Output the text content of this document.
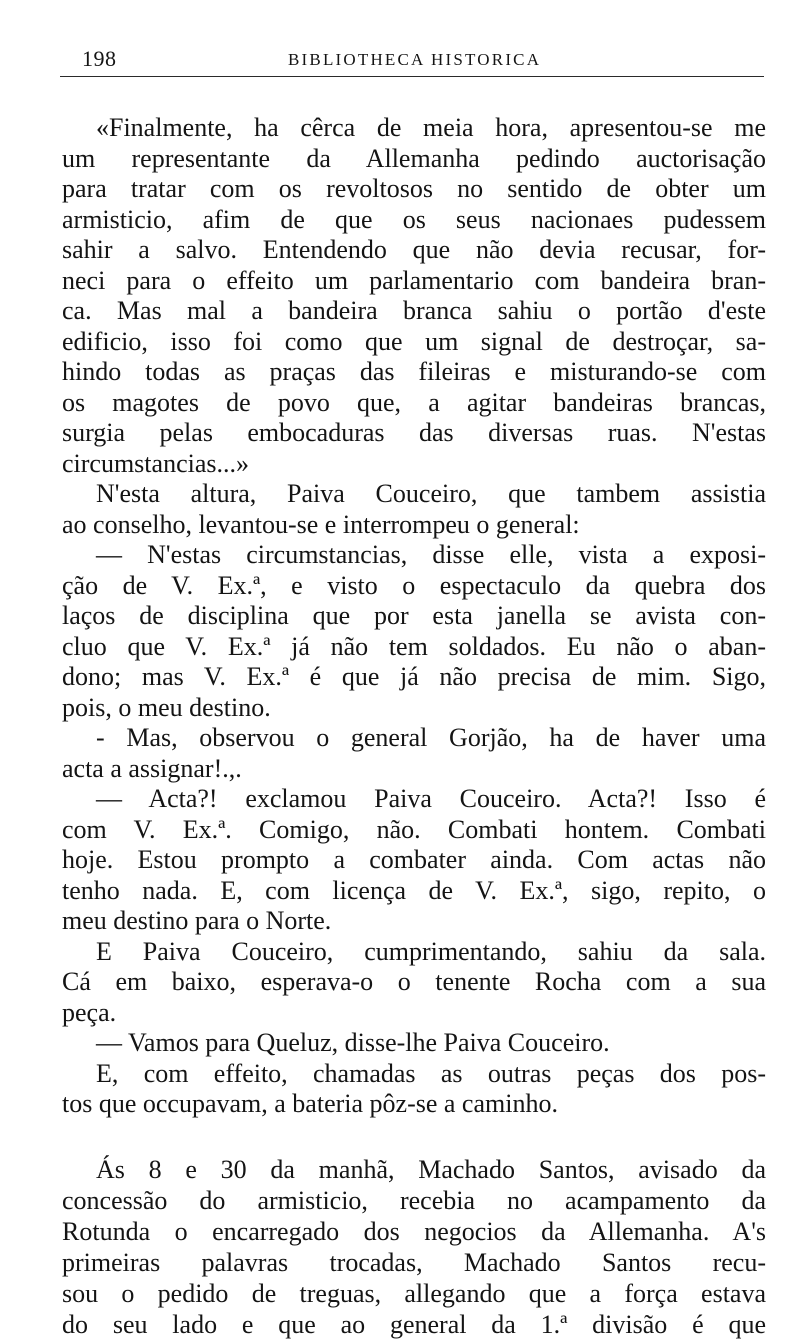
198	BIBLIOTHECA HISTORICA
«Finalmente, ha cêrca de meia hora, apresentou-se me
um representante da Allemanha pedindo auctorisação
para tratar com os revoltosos no sentido de obter um
armisticio, afim de que os seus nacionaes pudessem
sahir a salvo. Entendendo que não devia recusar, for-
neci para o effeito um parlamentario com bandeira bran-
ca. Mas mal a bandeira branca sahiu o portão d'este
edificio, isso foi como que um signal de destroçar, sa-
hindo todas as praças das fileiras e misturando-se com
os magotes de povo que, a agitar bandeiras brancas,
surgia pelas embocaduras das diversas ruas. N'estas
circumstancias...»
N'esta altura, Paiva Couceiro, que tambem assistia
ao conselho, levantou-se e interrompeu o general:
— N'estas circumstancias, disse elle, vista a exposi-
ção de V. Ex.ª, e visto o espectaculo da quebra dos
laços de disciplina que por esta janella se avista con-
cluo que V. Ex.ª já não tem soldados. Eu não o aban-
dono; mas V. Ex.ª é que já não precisa de mim. Sigo,
pois, o meu destino.
- Mas, observou o general Gorjão, ha de haver uma
acta a assignar!.,.
— Acta?! exclamou Paiva Couceiro. Acta?! Isso é
com V. Ex.ª. Comigo, não. Combati hontem. Combati
hoje. Estou prompto a combater ainda. Com actas não
tenho nada. E, com licença de V. Ex.ª, sigo, repito, o
meu destino para o Norte.
E Paiva Couceiro, cumprimentando, sahiu da sala.
Cá em baixo, esperava-o o tenente Rocha com a sua
peça.
— Vamos para Queluz, disse-lhe Paiva Couceiro.
E, com effeito, chamadas as outras peças dos pos-
tos que occupavam, a bateria pôz-se a caminho.
Ás 8 e 30 da manhã, Machado Santos, avisado da
concessão do armisticio, recebia no acampamento da
Rotunda o encarregado dos negocios da Allemanha. A's
primeiras palavras trocadas, Machado Santos recu-
sou o pedido de treguas, allegando que a força estava
do seu lado e que ao general da 1.ª divisão é que
